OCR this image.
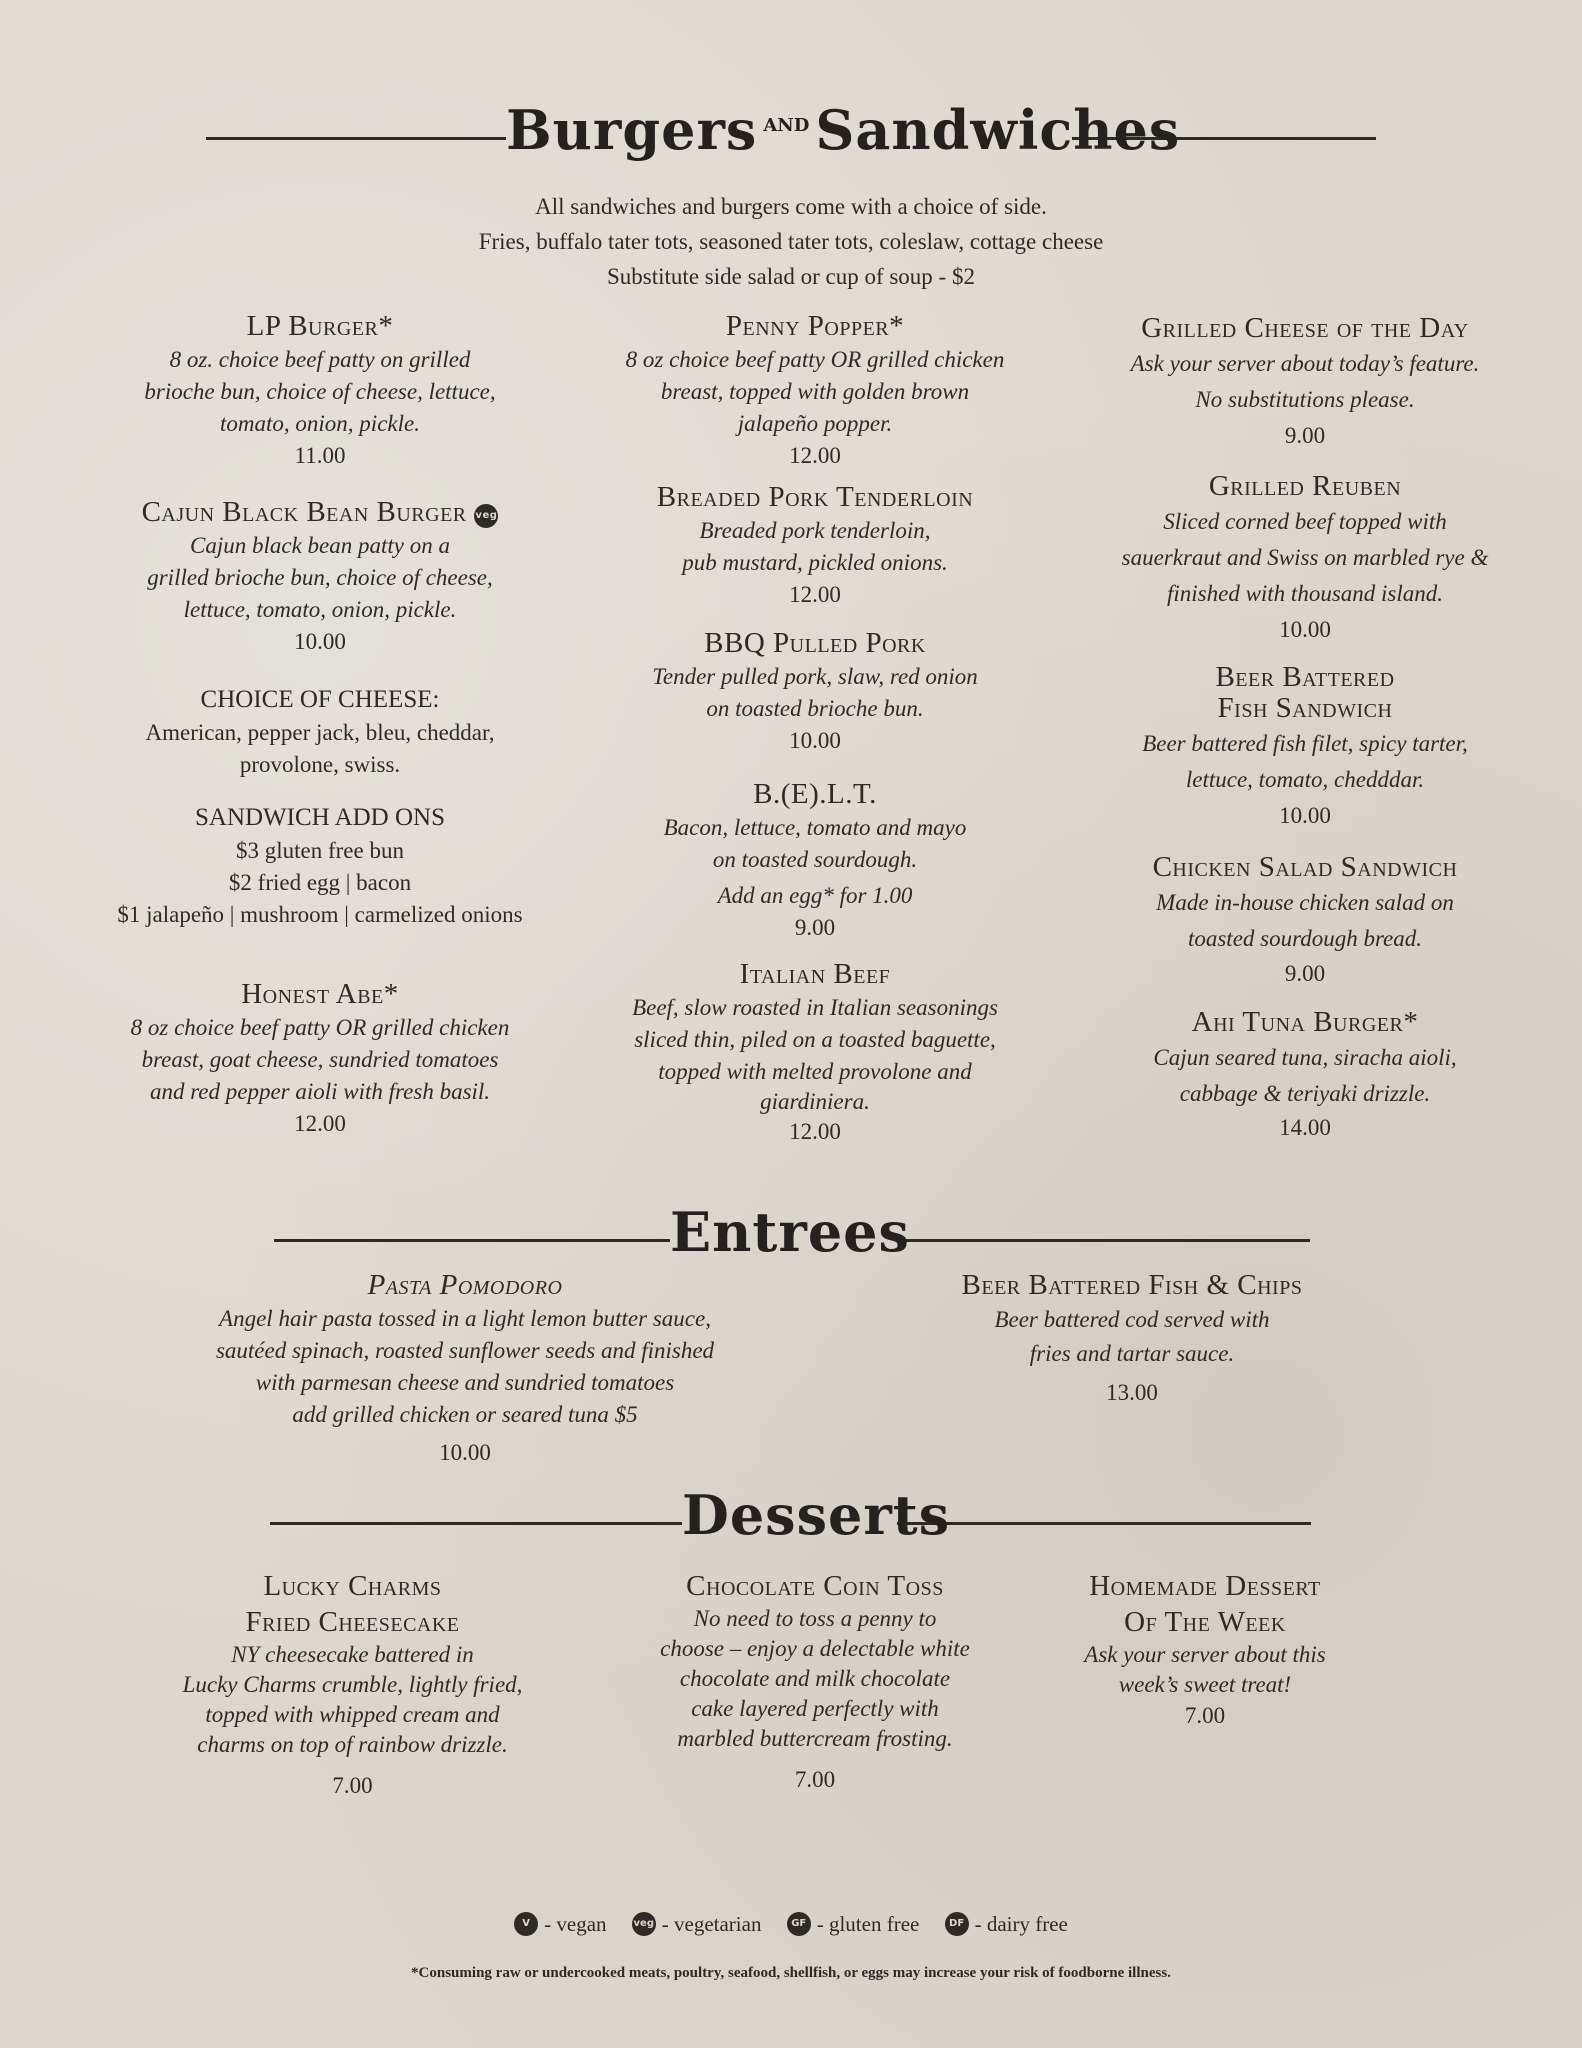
Burgers AND Sandwiches
All sandwiches and burgers come with a choice of side.
Fries, buffalo tater tots, seasoned tater tots, coleslaw, cottage cheese
Substitute side salad or cup of soup - $2
LP Burger*
8 oz. choice beef patty on grilled
brioche bun, choice of cheese, lettuce,
tomato, onion, pickle.
11.00
Cajun Black Bean Burger veg
Cajun black bean patty on a
grilled brioche bun, choice of cheese,
lettuce, tomato, onion, pickle.
10.00
CHOICE OF CHEESE:
American, pepper jack, bleu, cheddar,
provolone, swiss.
SANDWICH ADD ONS
$3 gluten free bun
$2 fried egg | bacon
$1 jalapeño | mushroom | carmelized onions
Honest Abe*
8 oz choice beef patty OR grilled chicken
breast, goat cheese, sundried tomatoes
and red pepper aioli with fresh basil.
12.00
Penny Popper*
8 oz choice beef patty OR grilled chicken
breast, topped with golden brown
jalapeño popper.
12.00
Breaded Pork Tenderloin
Breaded pork tenderloin,
pub mustard, pickled onions.
12.00
BBQ Pulled Pork
Tender pulled pork, slaw, red onion
on toasted brioche bun.
10.00
B.(E).L.T.
Bacon, lettuce, tomato and mayo
on toasted sourdough.
Add an egg* for 1.00
9.00
Italian Beef
Beef, slow roasted in Italian seasonings
sliced thin, piled on a toasted baguette,
topped with melted provolone and
giardiniera.
12.00
Grilled Cheese of the Day
Ask your server about today’s feature.
No substitutions please.
9.00
Grilled Reuben
Sliced corned beef topped with
sauerkraut and Swiss on marbled rye &
finished with thousand island.
10.00
Beer Battered
Fish Sandwich
Beer battered fish filet, spicy tarter,
lettuce, tomato, chedddar.
10.00
Chicken Salad Sandwich
Made in-house chicken salad on
toasted sourdough bread.
9.00
Ahi Tuna Burger*
Cajun seared tuna, siracha aioli,
cabbage & teriyaki drizzle.
14.00
Entrees
Pasta Pomodoro
Angel hair pasta tossed in a light lemon butter sauce,
sautéed spinach, roasted sunflower seeds and finished
with parmesan cheese and sundried tomatoes
add grilled chicken or seared tuna $5
10.00
Beer Battered Fish & Chips
Beer battered cod served with
fries and tartar sauce.
13.00
Desserts
Lucky Charms
Fried Cheesecake
NY cheesecake battered in
Lucky Charms crumble, lightly fried,
topped with whipped cream and
charms on top of rainbow drizzle.
7.00
Chocolate Coin Toss
No need to toss a penny to
choose – enjoy a delectable white
chocolate and milk chocolate
cake layered perfectly with
marbled buttercream frosting.
7.00
Homemade Dessert
Of The Week
Ask your server about this
week’s sweet treat!
7.00
V - vegan
	veg - vegetarian
	GF - gluten free
	DF - dairy free
*Consuming raw or undercooked meats, poultry, seafood, shellfish, or eggs may increase your risk of foodborne illness.
